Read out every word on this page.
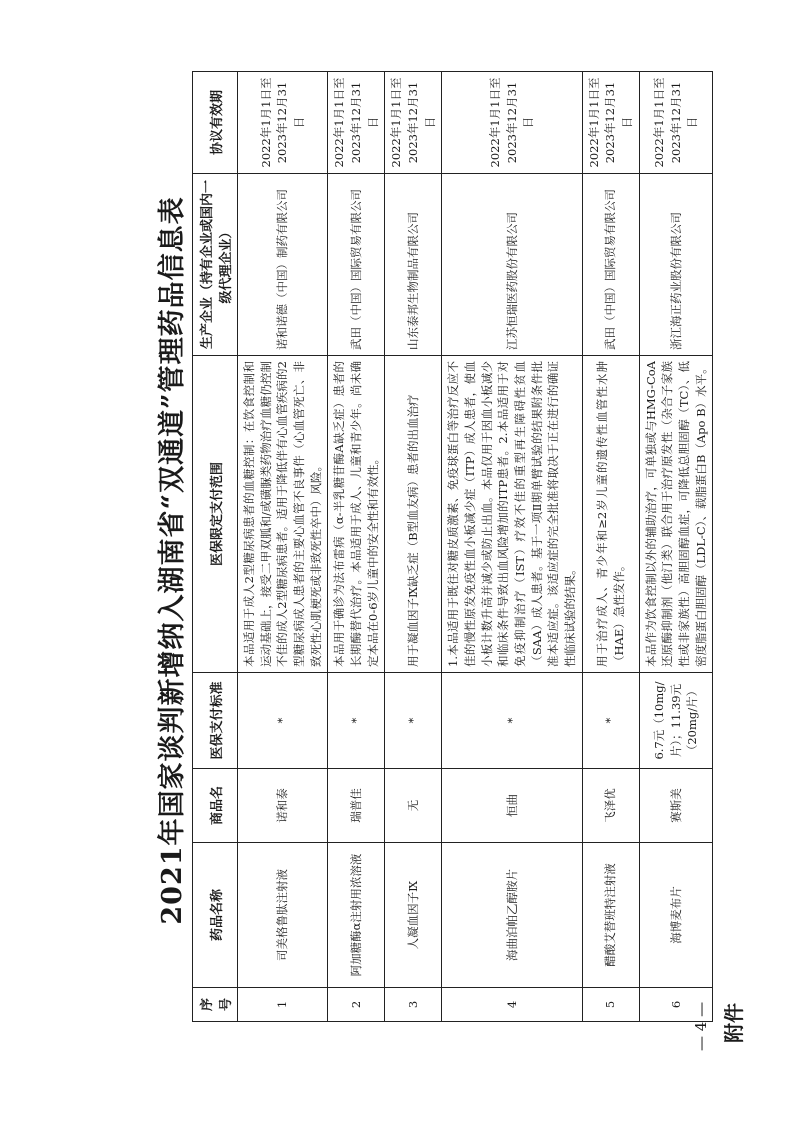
附件
2021年国家谈判新增纳入湖南省“双通道”管理药品信息表
序号	药品名称	商品名	医保支付标准	医保限定支付范围	生产企业（持有企业或国内一级代理企业）	协议有效期
1	司美格鲁肽注射液	诺和泰	*	本品适用于成人2型糖尿病患者的血糖控制：在饮食控制和运动基础上，接受二甲双胍和/或磺脲类药物治疗血糖仍控制不佳的成人2型糖尿病患者。适用于降低伴有心血管疾病的2型糖尿病成人患者的主要心血管不良事件（心血管死亡、非致死性心肌梗死或非致死性卒中）风险。	诺和诺德（中国）制药有限公司	2022年1月1日至2023年12月31日
2	阿加糖酶α注射用浓溶液	瑞普佳	*	本品用于确诊为法布雷病（α-半乳糖苷酶A缺乏症）患者的长期酶替代治疗。本品适用于成人、儿童和青少年。尚未确定本品在0-6岁儿童中的安全性和有效性。	武田（中国）国际贸易有限公司	2022年1月1日至2023年12月31日
3	人凝血因子Ⅸ	无	*	用于凝血因子Ⅸ缺乏症（B型血友病）患者的出血治疗	山东泰邦生物制品有限公司	2022年1月1日至2023年12月31日
4	海曲泊帕乙醇胺片	恒曲	*	1.本品适用于既往对糖皮质激素、免疫球蛋白等治疗反应不佳的慢性原发免疫性血小板减少症（ITP）成人患者，使血小板计数升高并减少或防止出血。本品仅用于因血小板减少和临床条件导致出血风险增加的ITP患者。2.本品适用于对免疫抑制治疗（IST）疗效不佳的重型再生障碍性贫血（SAA）成人患者。基于一项Ⅱ期单臂试验的结果附条件批准本适应症。该适应症的完全批准将取决于正在进行的确证性临床试验的结果。	江苏恒瑞医药股份有限公司	2022年1月1日至2023年12月31日
5	醋酸艾替班特注射液	飞泽优	*	用于治疗成人、青少年和≥2岁儿童的遗传性血管性水肿（HAE）急性发作。	武田（中国）国际贸易有限公司	2022年1月1日至2023年12月31日
6	海博麦布片	赛斯美	6.7元（10mg/片）；11.39元（20mg/片）	本品作为饮食控制以外的辅助治疗，可单独或与HMG-CoA还原酶抑制剂（他汀类）联合用于治疗原发性（杂合子家族性或非家族性）高胆固醇血症，可降低总胆固醇（TC）、低密度脂蛋白胆固醇（LDL-C）、载脂蛋白B（Apo B）水平。	浙江海正药业股份有限公司	2022年1月1日至2023年12月31日
— 4 —
